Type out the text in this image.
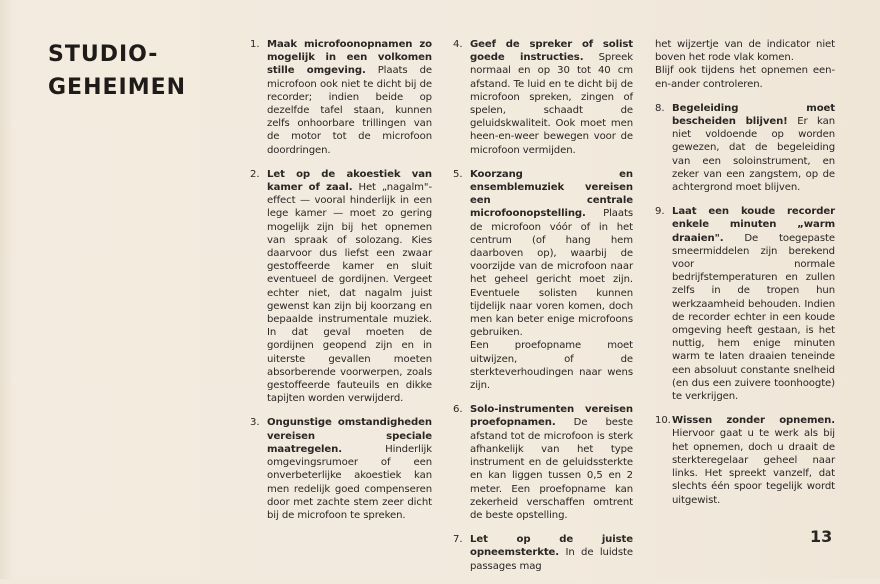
STUDIO-
GEHEIMEN
1. Maak microfoonopnamen zo mogelijk in een volkomen stille omgeving. Plaats de microfoon ook niet te dicht bij de recorder; indien beide op dezelfde tafel staan, kunnen zelfs onhoorbare trillingen van de motor tot de microfoon doordringen.
2. Let op de akoestiek van kamer of zaal. Het „nagalm"-effect — vooral hinderlijk in een lege kamer — moet zo gering mogelijk zijn bij het opnemen van spraak of solozang. Kies daarvoor dus liefst een zwaar gestoffeerde kamer en sluit eventueel de gordijnen. Vergeet echter niet, dat nagalm juist gewenst kan zijn bij koorzang en bepaalde instrumentale muziek. In dat geval moeten de gordijnen geopend zijn en in uiterste gevallen moeten absorberende voorwerpen, zoals gestoffeerde fauteuils en dikke tapijten worden verwijderd.
3. Ongunstige omstandigheden vereisen speciale maatregelen. Hinderlijk omgevingsrumoer of een onverbeterlijke akoestiek kan men redelijk goed compenseren door met zachte stem zeer dicht bij de microfoon te spreken.
4. Geef de spreker of solist goede instructies. Spreek normaal en op 30 tot 40 cm afstand. Te luid en te dicht bij de microfoon spreken, zingen of spelen, schaadt de geluidskwaliteit. Ook moet men heen-en-weer bewegen voor de microfoon vermijden.
5. Koorzang en ensemblemuziek vereisen een centrale microfoonopstelling. Plaats de microfoon vóór of in het centrum (of hang hem daarboven op), waarbij de voorzijde van de microfoon naar het geheel gericht moet zijn. Eventuele solisten kunnen tijdelijk naar voren komen, doch men kan beter enige microfoons gebruiken.
Een proefopname moet uitwijzen, of de sterkteverhoudingen naar wens zijn.
6. Solo-instrumenten vereisen proefopnamen. De beste afstand tot de microfoon is sterk afhankelijk van het type instrument en de geluidssterkte en kan liggen tussen 0,5 en 2 meter. Een proefopname kan zekerheid verschaffen omtrent de beste opstelling.
7. Let op de juiste opneemsterkte. In de luidste passages mag
het wijzertje van de indicator niet boven het rode vlak komen.
Blijf ook tijdens het opnemen een-en-ander controleren.
8. Begeleiding moet bescheiden blijven! Er kan niet voldoende op worden gewezen, dat de begeleiding van een soloinstrument, en zeker van een zangstem, op de achtergrond moet blijven.
9. Laat een koude recorder enkele minuten „warm draaien". De toegepaste smeermiddelen zijn berekend voor normale bedrijfstemperaturen en zullen zelfs in de tropen hun werkzaamheid behouden. Indien de recorder echter in een koude omgeving heeft gestaan, is het nuttig, hem enige minuten warm te laten draaien teneinde een absoluut constante snelheid (en dus een zuivere toonhoogte) te verkrijgen.
10. Wissen zonder opnemen. Hiervoor gaat u te werk als bij het opnemen, doch u draait de sterkteregelaar geheel naar links. Het spreekt vanzelf, dat slechts één spoor tegelijk wordt uitgewist.
13
